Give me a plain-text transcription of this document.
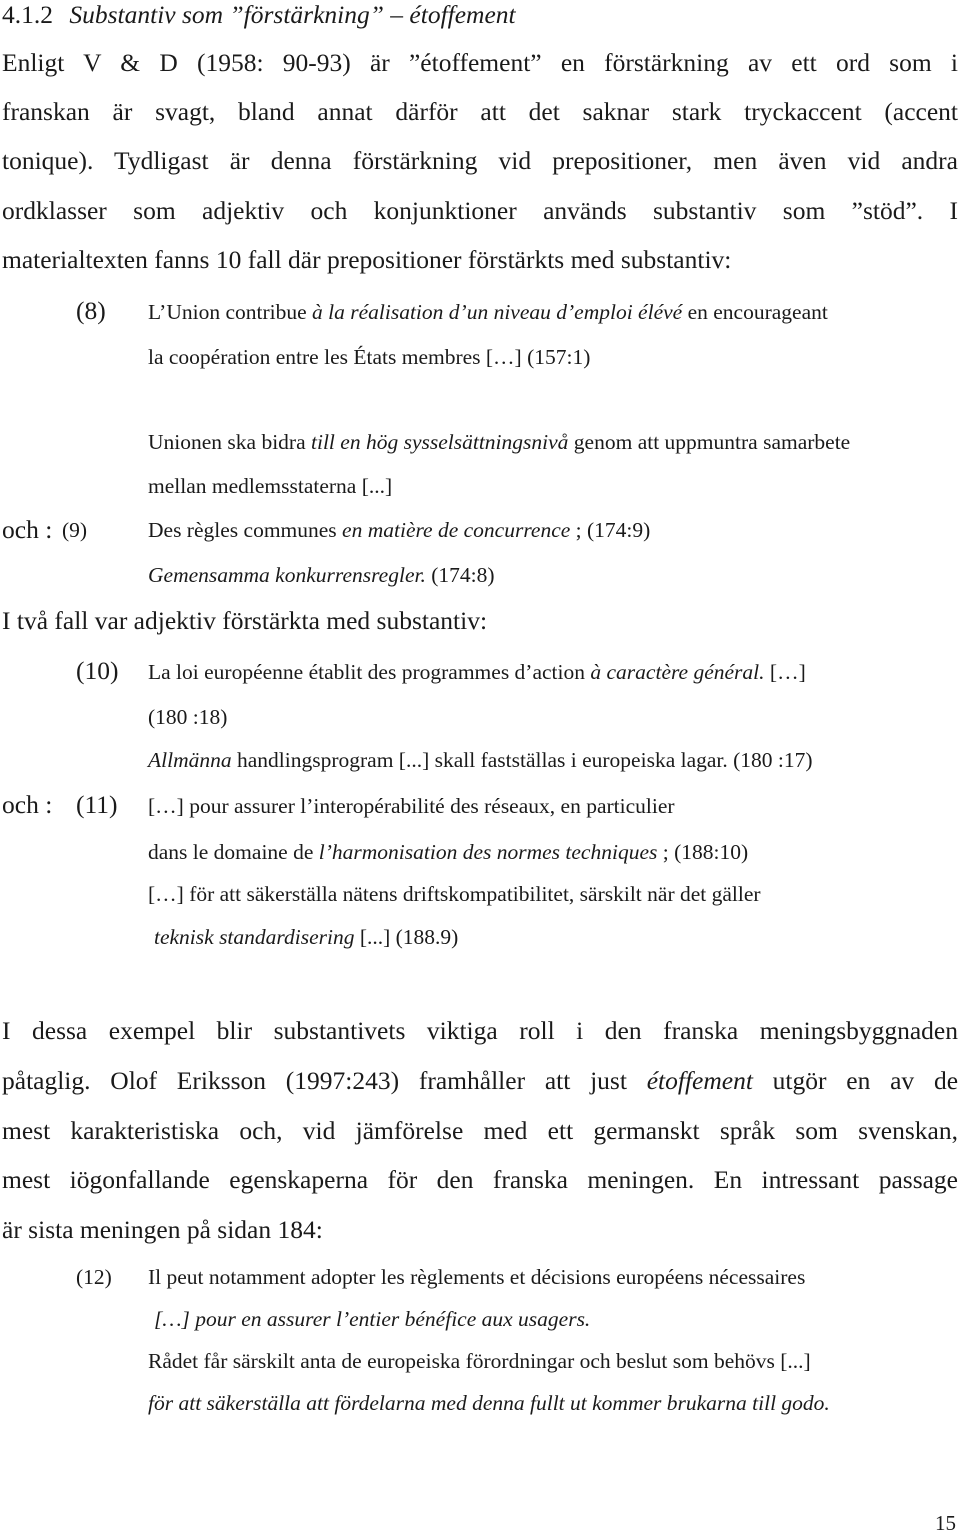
4.1.2 Substantiv som ”förstärkning” – étoffement
Enligt V & D (1958: 90-93) är ”étoffement” en förstärkning av ett ord som i
franskan är svagt, bland annat därför att det saknar stark tryckaccent (accent
tonique). Tydligast är denna förstärkning vid prepositioner, men även vid andra
ordklasser som adjektiv och konjunktioner används substantiv som ”stöd”. I
materialtexten fanns 10 fall där prepositioner förstärkts med substantiv:
(8) L’Union contribue à la réalisation d’un niveau d’emploi élévé en encourageant
la coopération entre les États membres […] (157:1)
Unionen ska bidra till en hög sysselsättningsnivå genom att uppmuntra samarbete
mellan medlemsstaterna [...]
och : (9)	Des règles communes en matière de concurrence ; (174:9)
Gemensamma konkurrensregler. (174:8)
I två fall var adjektiv förstärkta med substantiv:
(10) La loi européenne établit des programmes d’action à caractère général. […]
(180 :18)
Allmänna handlingsprogram [...] skall fastställas i europeiska lagar. (180 :17)
och : (11) […] pour assurer l’interopérabilité des réseaux, en particulier
dans le domaine de l’harmonisation des normes techniques ; (188:10)
[…] för att säkerställa nätens driftskompatibilitet, särskilt när det gäller
teknisk standardisering [...] (188.9)
I dessa exempel blir substantivets viktiga roll i den franska meningsbyggnaden
påtaglig. Olof Eriksson (1997:243) framhåller att just étoffement utgör en av de
mest karakteristiska och, vid jämförelse med ett germanskt språk som svenskan,
mest iögonfallande egenskaperna för den franska meningen. En intressant passage
är sista meningen på sidan 184:
(12) Il peut notamment adopter les règlements et décisions européens nécessaires
[…] pour en assurer l’entier bénéfice aux usagers.
Rådet får särskilt anta de europeiska förordningar och beslut som behövs [...]
för att säkerställa att fördelarna med denna fullt ut kommer brukarna till godo.
15
